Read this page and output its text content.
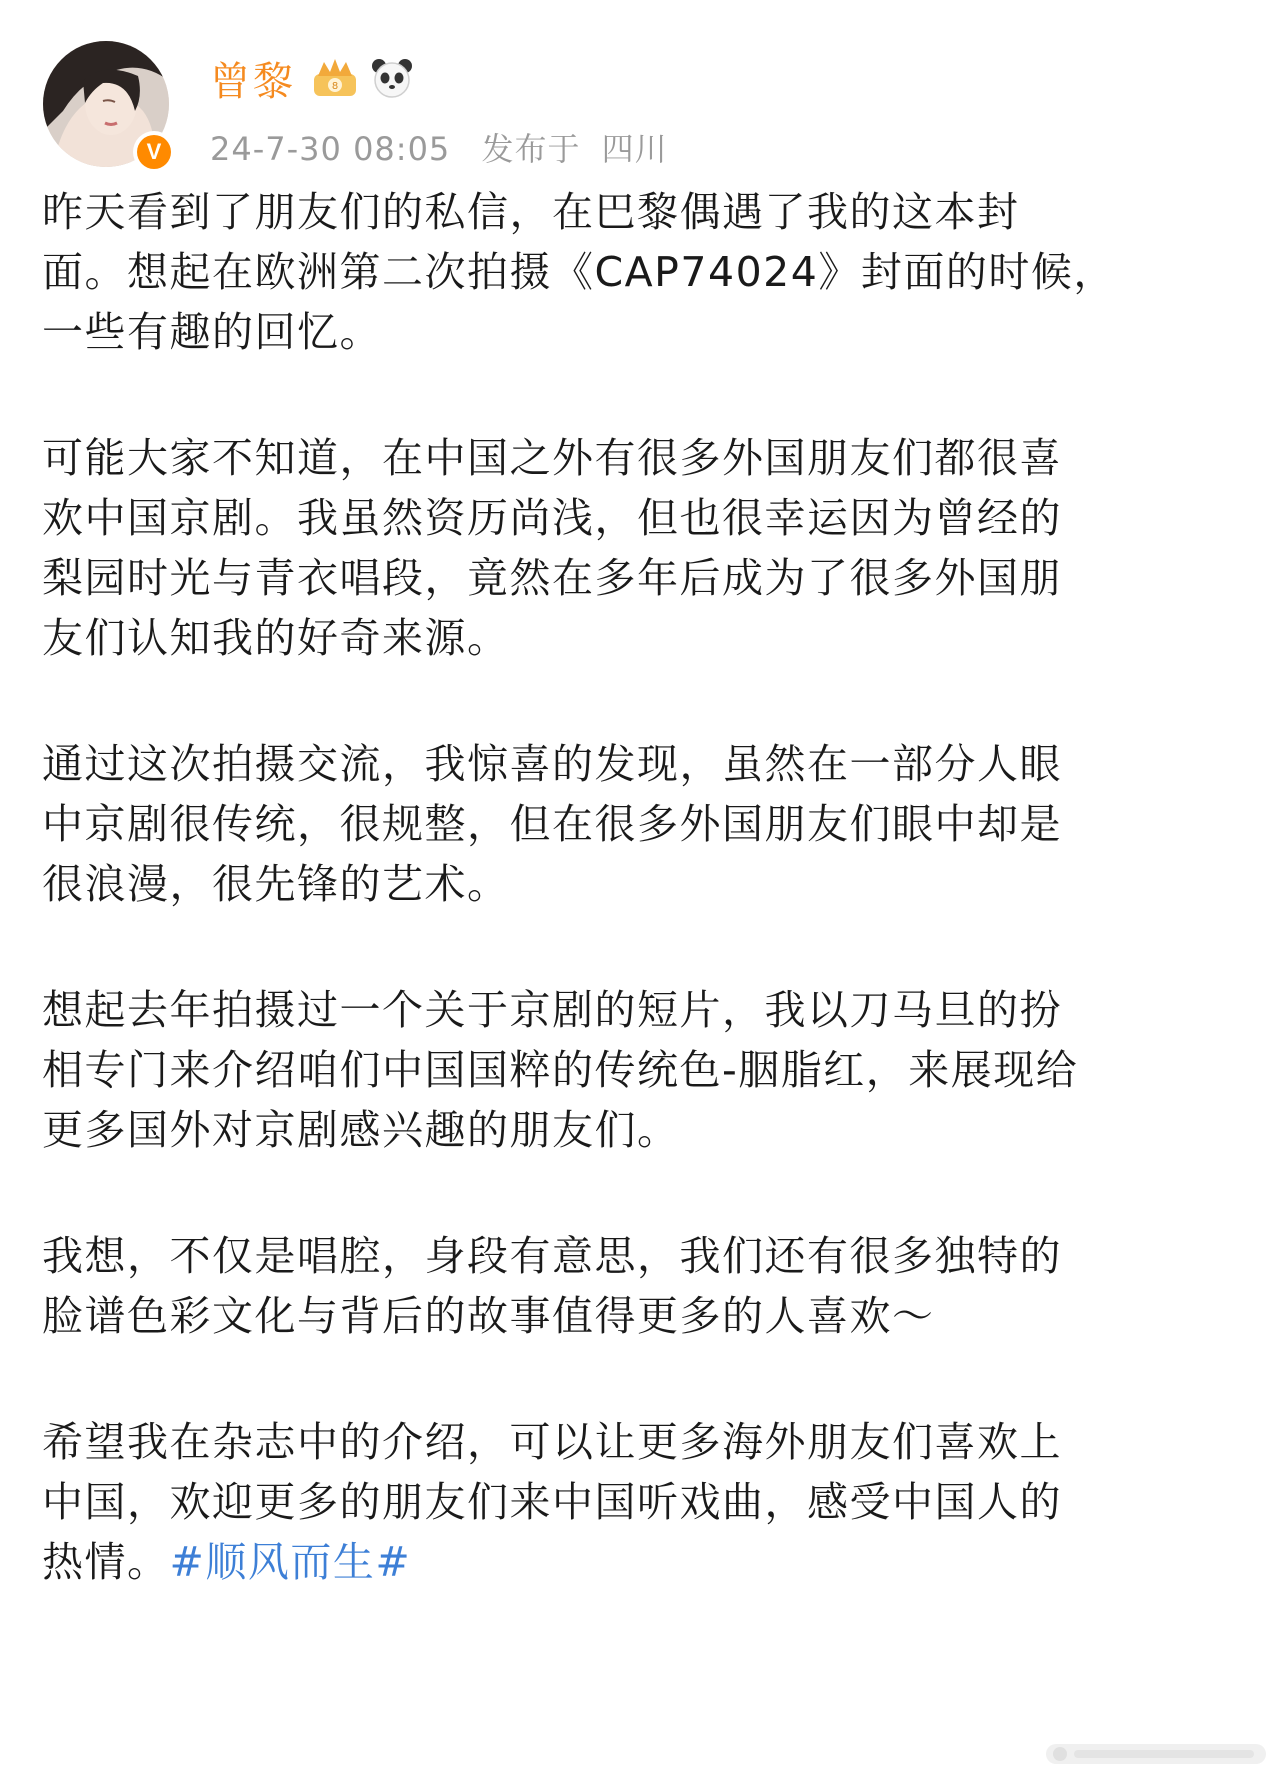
V
曾黎	8
24-7-30 08:05 发布于 四川

昨天看到了朋友们的私信，在巴黎偶遇了我的这本封
面。想起在欧洲第二次拍摄《CAP74024》封面的时候，
一些有趣的回忆。

可能大家不知道，在中国之外有很多外国朋友们都很喜
欢中国京剧。我虽然资历尚浅，但也很幸运因为曾经的
梨园时光与青衣唱段，竟然在多年后成为了很多外国朋
友们认知我的好奇来源。

通过这次拍摄交流，我惊喜的发现，虽然在一部分人眼
中京剧很传统，很规整，但在很多外国朋友们眼中却是
很浪漫，很先锋的艺术。

想起去年拍摄过一个关于京剧的短片，我以刀马旦的扮
相专门来介绍咱们中国国粹的传统色-胭脂红，来展现给
更多国外对京剧感兴趣的朋友们。

我想，不仅是唱腔，身段有意思，我们还有很多独特的
脸谱色彩文化与背后的故事值得更多的人喜欢～

希望我在杂志中的介绍，可以让更多海外朋友们喜欢上
中国，欢迎更多的朋友们来中国听戏曲，感受中国人的
热情。#顺风而生#
